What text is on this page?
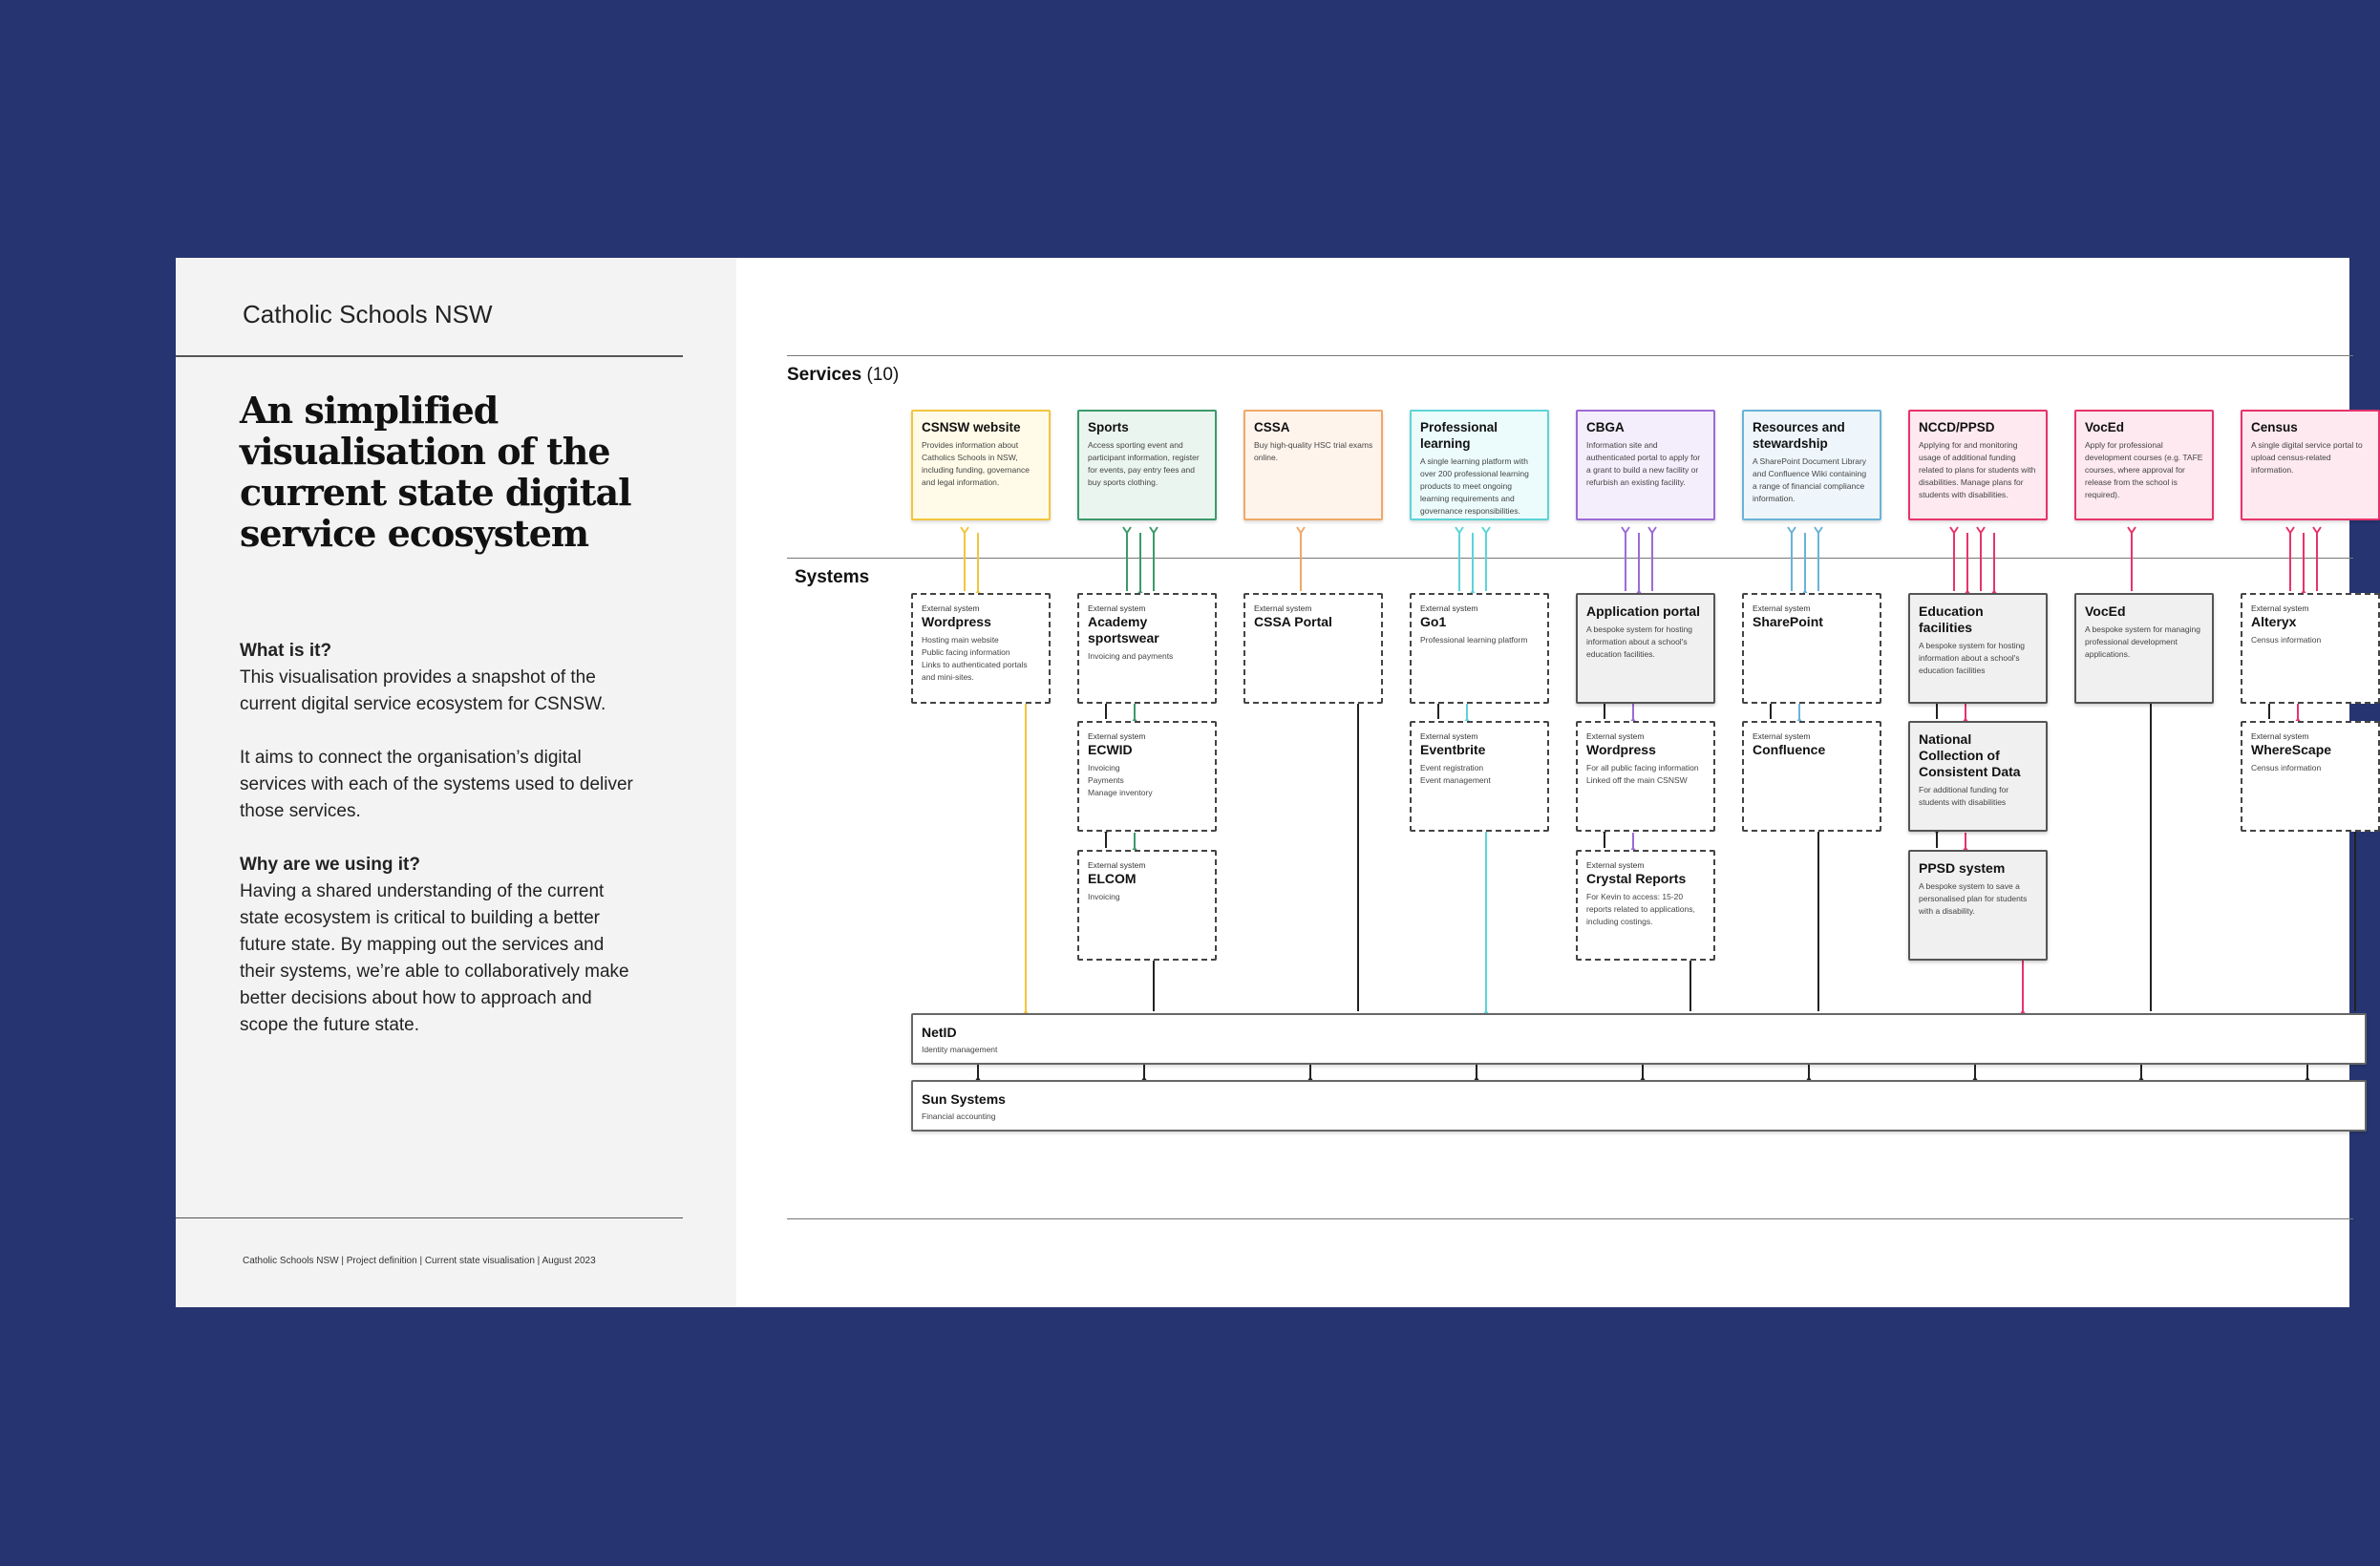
Catholic Schools NSW
An simplified visualisation of the current state digital service ecosystem
What is it?

This visualisation provides a snapshot of the current digital service ecosystem for CSNSW.

It aims to connect the organisation’s digital services with each of the systems used to deliver those services.

Why are we using it?

Having a shared understanding of the current state ecosystem is critical to building a better future state. By mapping out the services and their systems, we’re able to collaboratively make better decisions about how to approach and scope the future state.

Catholic Schools NSW | Project definition | Current state visualisation | August 2023
Services (10)
Systems
CSNSW website
Provides information about Catholics Schools in NSW, including funding, governance and legal information.
External system
Wordpress
Hosting main website
Public facing information
Links to authenticated portals and mini-sites.
Sports
Access sporting event and participant information, register for events, pay entry fees and buy sports clothing.
External system
Academy sportswear
Invoicing and payments
External system
ECWID
Invoicing
Payments
Manage inventory
External system
ELCOM
Invoicing
CSSA
Buy high-quality HSC trial exams online.
External system
CSSA Portal
Professional learning
A single learning platform with over 200 professional learning products to meet ongoing learning requirements and governance responsibilities.
External system
Go1
Professional learning platform
External system
Eventbrite
Event registration
Event management
CBGA
Information site and authenticated portal to apply for a grant to build a new facility or refurbish an existing facility.
Application portal
A bespoke system for hosting information about a school's education facilities.
External system
Wordpress
For all public facing information
Linked off the main CSNSW
External system
Crystal Reports
For Kevin to access: 15-20 reports related to applications, including costings.
Resources and stewardship
A SharePoint Document Library and Confluence Wiki containing a range of financial compliance information.
External system
SharePoint
External system
Confluence
NCCD/PPSD
Applying for and monitoring usage of additional funding related to plans for students with disabilities. Manage plans for students with disabilities.
Education facilities
A bespoke system for hosting information about a school's education facilities
National Collection of Consistent Data
For additional funding for students with disabilities
PPSD system
A bespoke system to save a personalised plan for students with a disability.
VocEd
Apply for professional development courses (e.g. TAFE courses, where approval for release from the school is required).
VocEd
A bespoke system for managing professional development applications.
Census
A single digital service portal to upload census-related information.
External system
Alteryx
Census information
External system
WhereScape
Census information
NetID
Identity management
Sun Systems
Financial accounting
